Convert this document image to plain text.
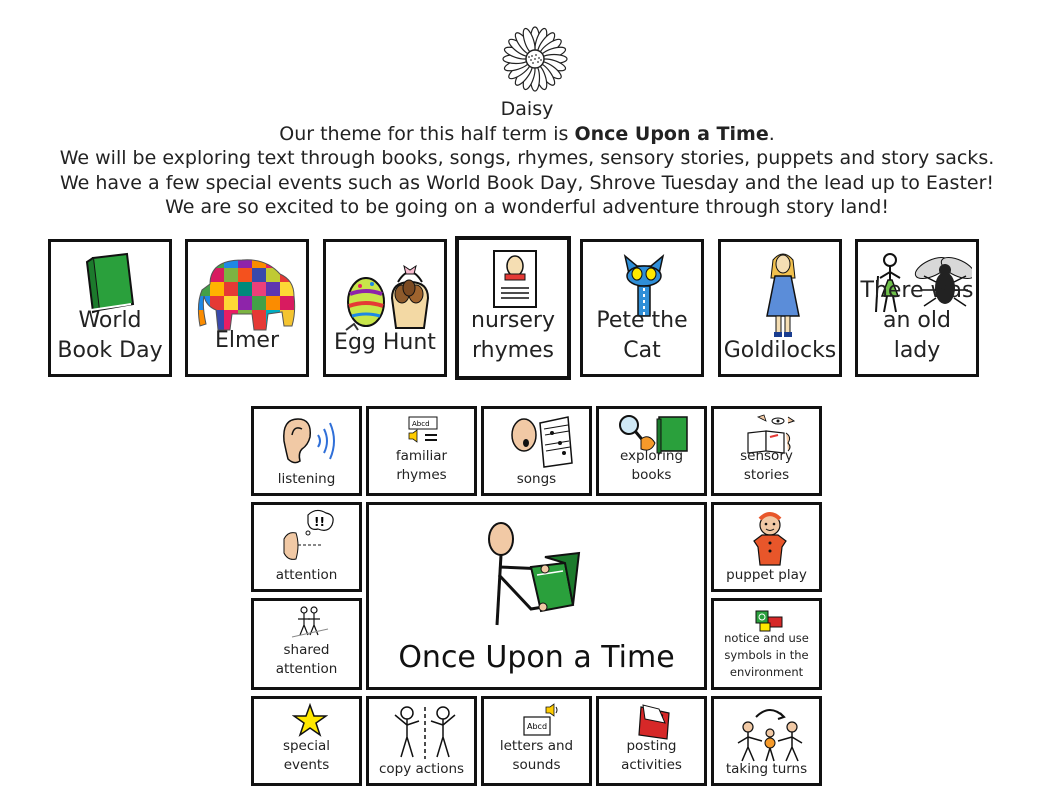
Daisy
Our theme for this half term is Once Upon a Time.
We will be exploring text through books, songs, rhymes, sensory stories, puppets and story sacks.
We have a few special events such as World Book Day, Shrove Tuesday and the lead up to Easter!
We are so excited to be going on a wonderful adventure through story land!
World
Book Day	Elmer	Egg Hunt
nursery
rhymes
Pete the
Cat	Goldilocks
There was
an old lady
listening
Abcd
familiar
rhymes	songs
exploring
books
sensory
stories
!!
attention
Once Upon a Time
puppet play
shared
attention
notice and use
symbols in the
environment
special
events	copy actions
Abcd
letters and
sounds
posting
activities	taking turns
